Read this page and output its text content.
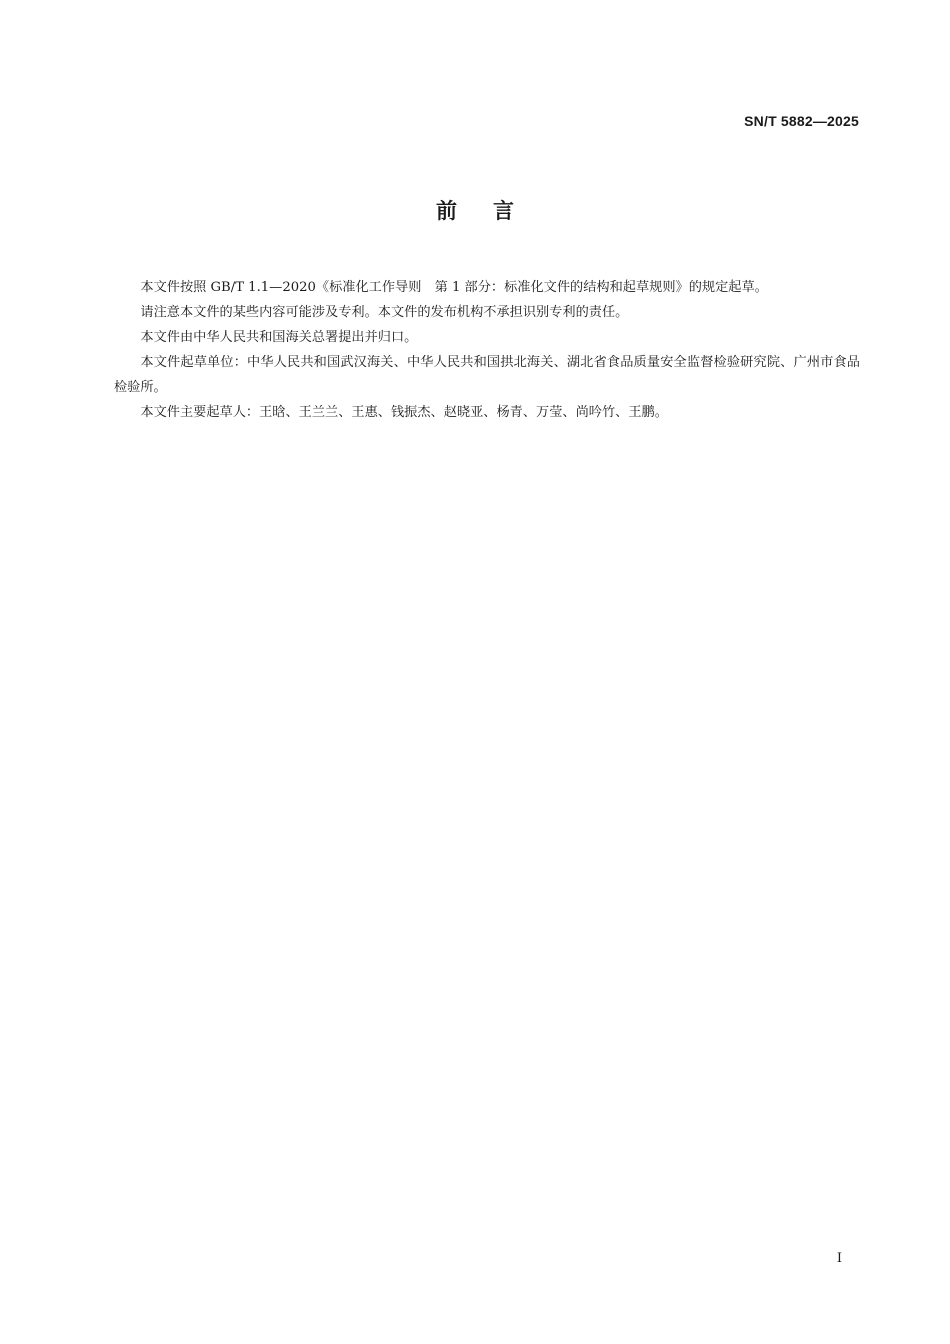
SN/T 5882—2025
前言

本文件按照 GB/T 1.1—2020《标准化工作导则　第 1 部分：标准化文件的结构和起草规则》的规定起草。

请注意本文件的某些内容可能涉及专利。本文件的发布机构不承担识别专利的责任。

本文件由中华人民共和国海关总署提出并归口。

本文件起草单位：中华人民共和国武汉海关、中华人民共和国拱北海关、湖北省食品质量安全监督检验研究院、广州市食品检验所。

本文件主要起草人：王晗、王兰兰、王惠、钱振杰、赵晓亚、杨青、万莹、尚吟竹、王鹏。

I
